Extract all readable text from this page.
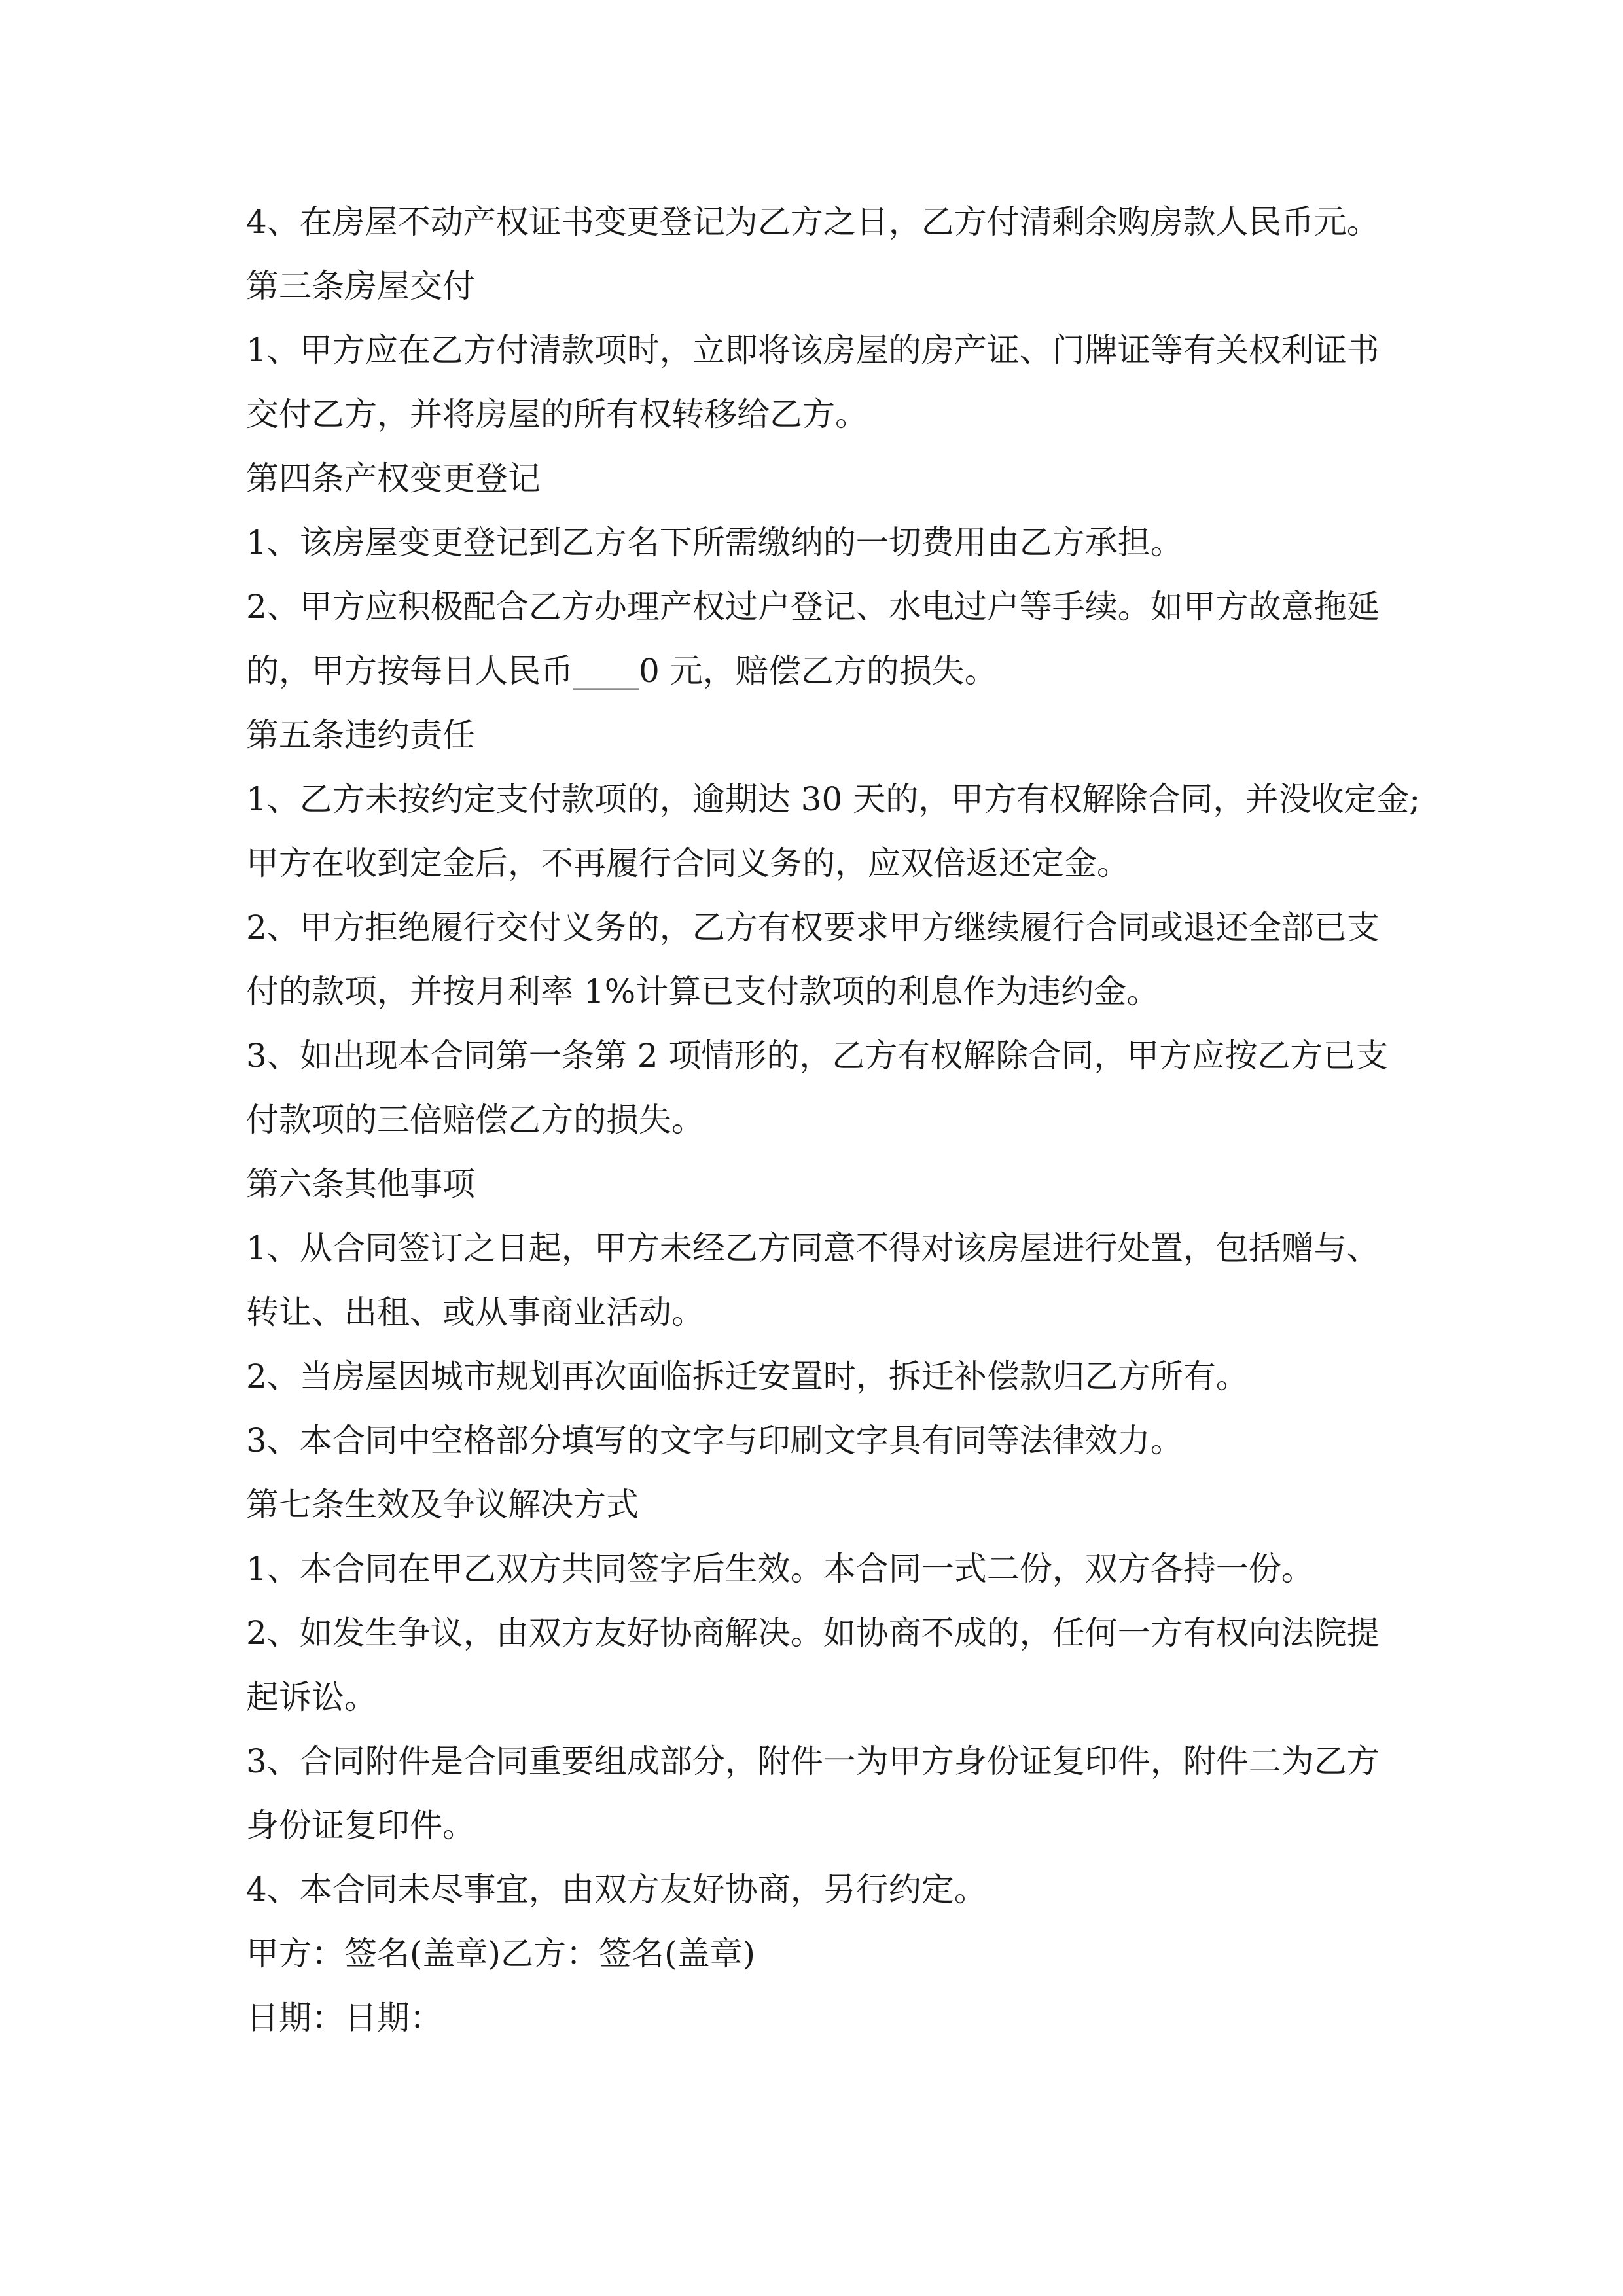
4、在房屋不动产权证书变更登记为乙方之日，乙方付清剩余购房款人民币元。
第三条房屋交付
1、甲方应在乙方付清款项时，立即将该房屋的房产证、门牌证等有关权利证书
交付乙方，并将房屋的所有权转移给乙方。
第四条产权变更登记
1、该房屋变更登记到乙方名下所需缴纳的一切费用由乙方承担。
2、甲方应积极配合乙方办理产权过户登记、水电过户等手续。如甲方故意拖延
的，甲方按每日人民币____0 元，赔偿乙方的损失。
第五条违约责任
1、乙方未按约定支付款项的，逾期达 30 天的，甲方有权解除合同，并没收定金;
甲方在收到定金后，不再履行合同义务的，应双倍返还定金。
2、甲方拒绝履行交付义务的，乙方有权要求甲方继续履行合同或退还全部已支
付的款项，并按月利率 1%计算已支付款项的利息作为违约金。
3、如出现本合同第一条第 2 项情形的，乙方有权解除合同，甲方应按乙方已支
付款项的三倍赔偿乙方的损失。
第六条其他事项
1、从合同签订之日起，甲方未经乙方同意不得对该房屋进行处置，包括赠与、
转让、出租、或从事商业活动。
2、当房屋因城市规划再次面临拆迁安置时，拆迁补偿款归乙方所有。
3、本合同中空格部分填写的文字与印刷文字具有同等法律效力。
第七条生效及争议解决方式
1、本合同在甲乙双方共同签字后生效。本合同一式二份，双方各持一份。
2、如发生争议，由双方友好协商解决。如协商不成的，任何一方有权向法院提
起诉讼。
3、合同附件是合同重要组成部分，附件一为甲方身份证复印件，附件二为乙方
身份证复印件。
4、本合同未尽事宜，由双方友好协商，另行约定。
甲方：签名(盖章)乙方：签名(盖章)
日期：日期：
